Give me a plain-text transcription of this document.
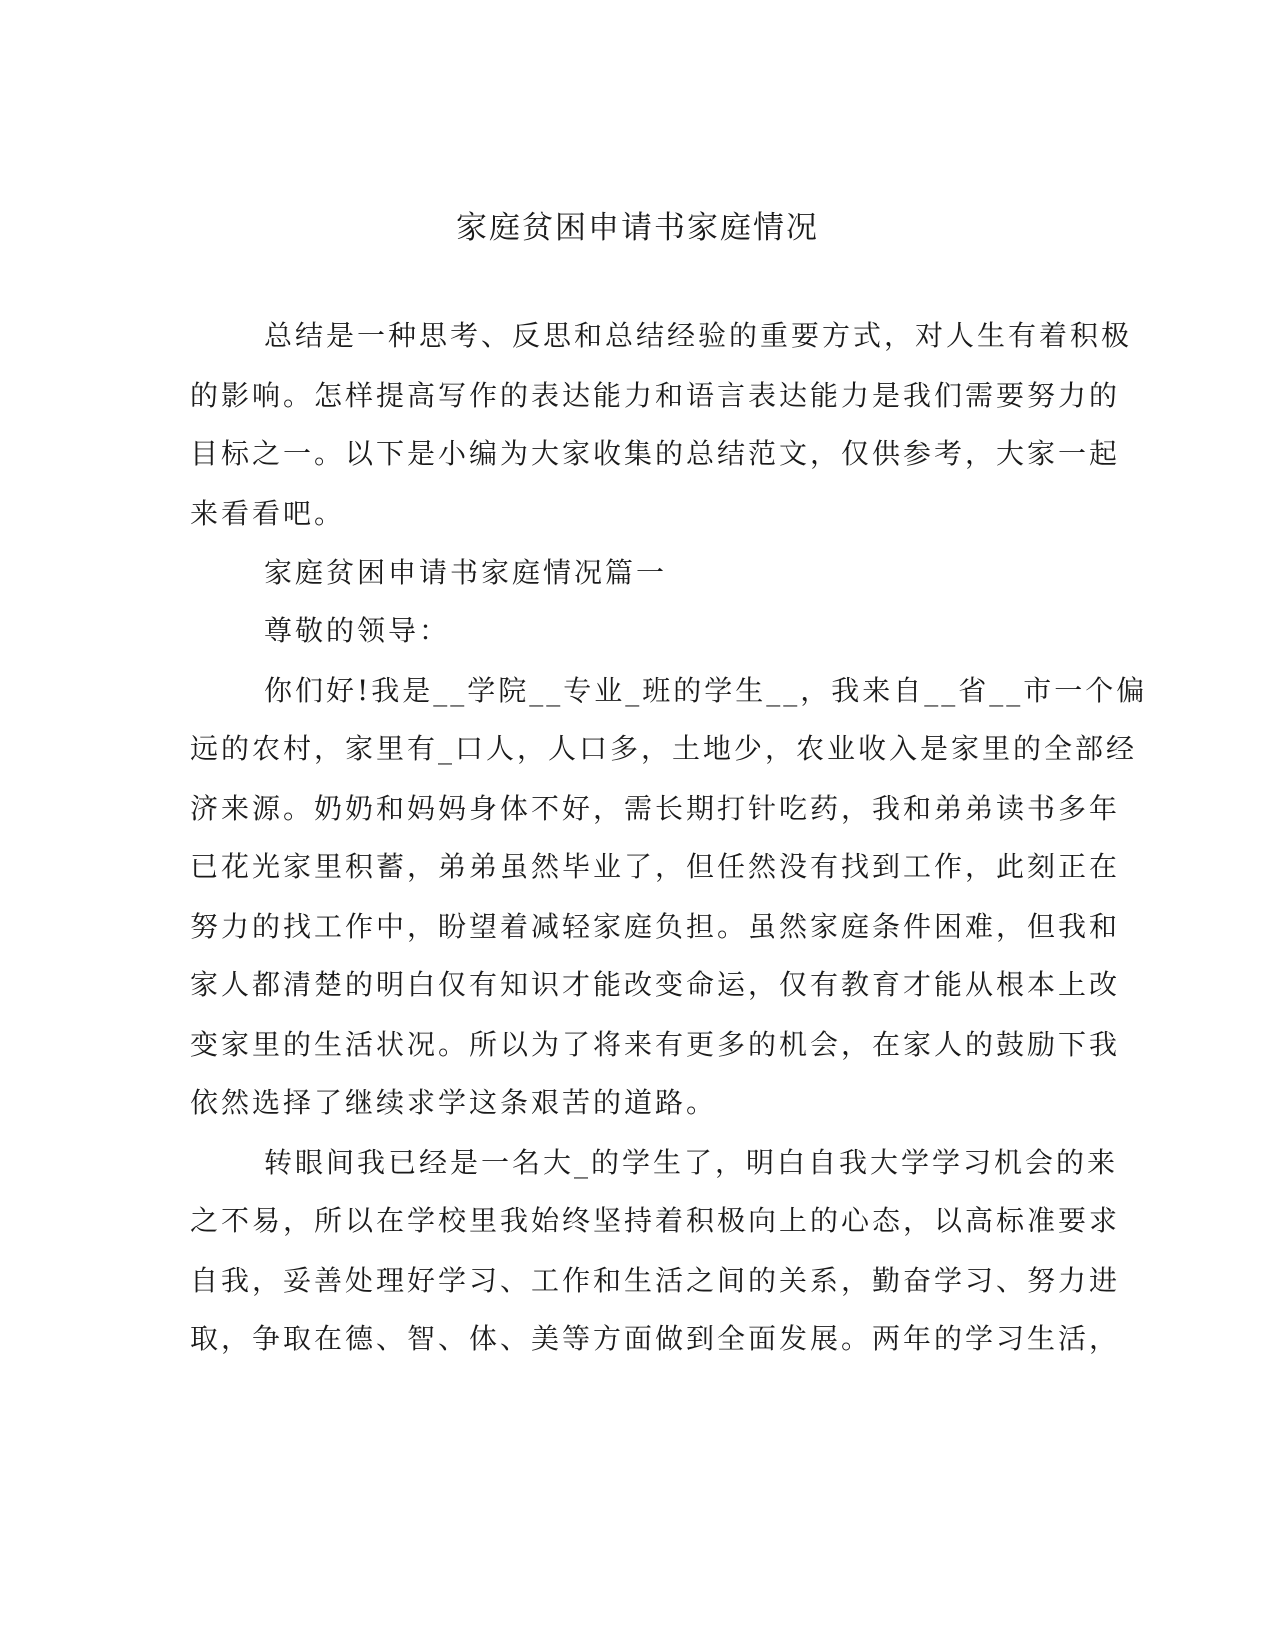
家庭贫困申请书家庭情况

总结是一种思考、反思和总结经验的重要方式，对人生有着积极

的影响。怎样提高写作的表达能力和语言表达能力是我们需要努力的

目标之一。以下是小编为大家收集的总结范文，仅供参考，大家一起

来看看吧。

家庭贫困申请书家庭情况篇一

尊敬的领导：

你们好!我是__学院__专业_班的学生__，我来自__省__市一个偏

远的农村，家里有_口人，人口多，土地少，农业收入是家里的全部经

济来源。奶奶和妈妈身体不好，需长期打针吃药，我和弟弟读书多年

已花光家里积蓄，弟弟虽然毕业了，但任然没有找到工作，此刻正在

努力的找工作中，盼望着减轻家庭负担。虽然家庭条件困难，但我和

家人都清楚的明白仅有知识才能改变命运，仅有教育才能从根本上改

变家里的生活状况。所以为了将来有更多的机会，在家人的鼓励下我

依然选择了继续求学这条艰苦的道路。

转眼间我已经是一名大_的学生了，明白自我大学学习机会的来

之不易，所以在学校里我始终坚持着积极向上的心态，以高标准要求

自我，妥善处理好学习、工作和生活之间的关系，勤奋学习、努力进

取，争取在德、智、体、美等方面做到全面发展。两年的学习生活，
